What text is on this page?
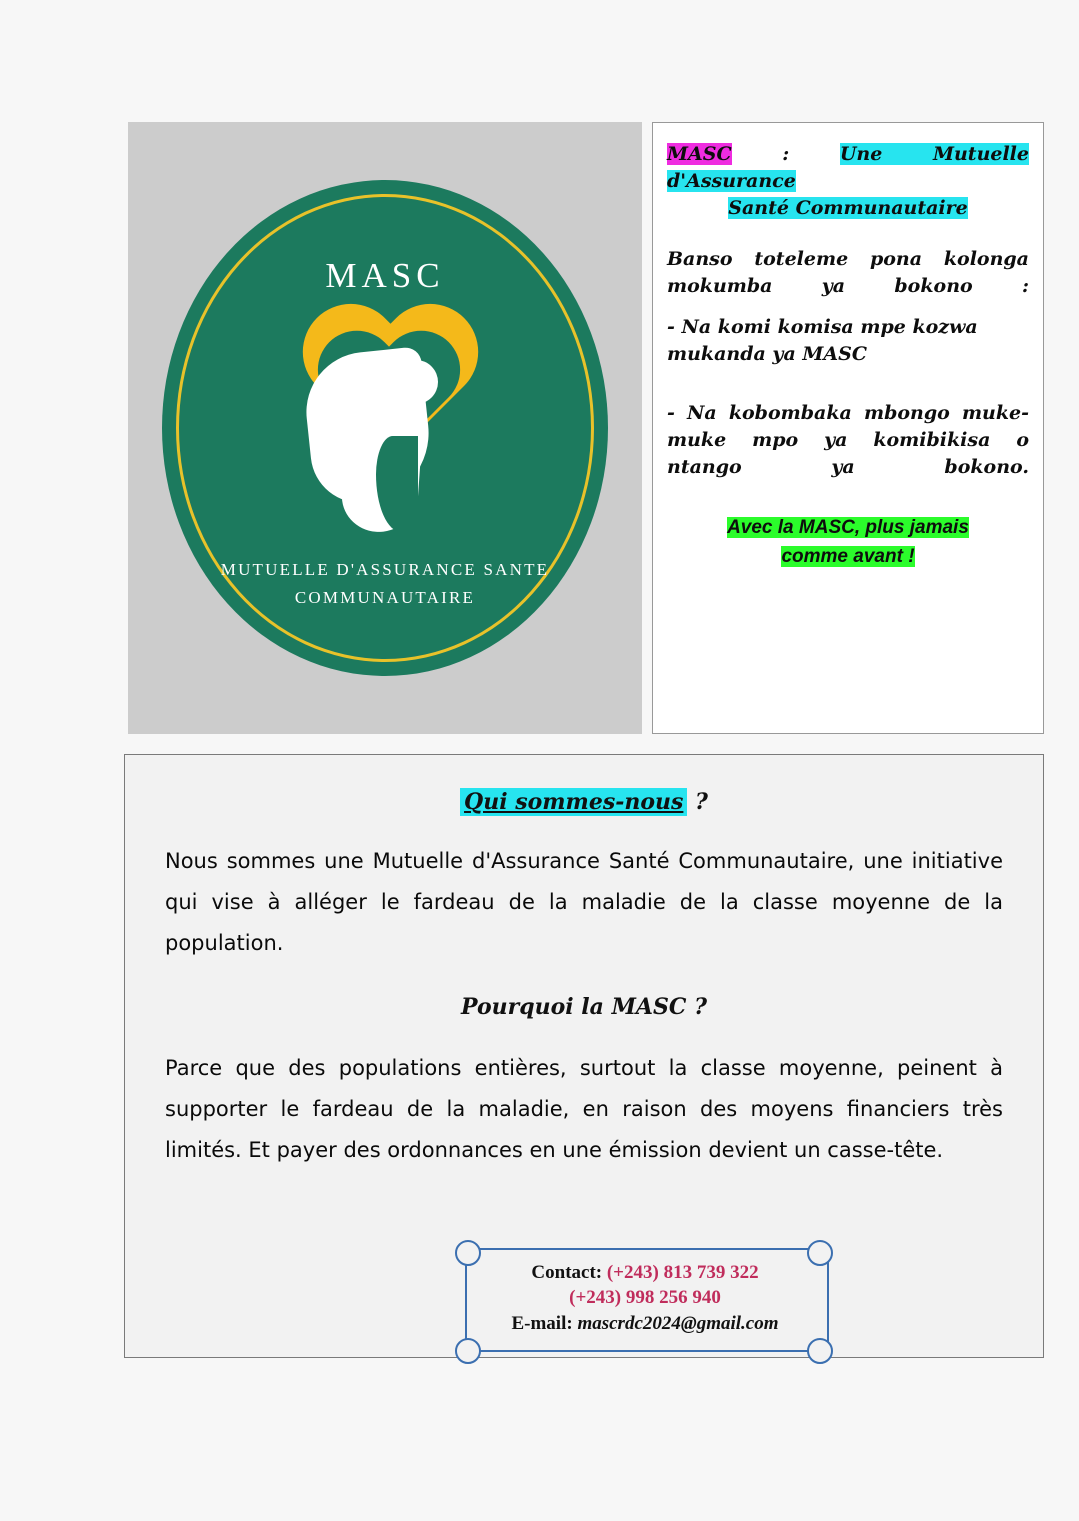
MASC
MUTUELLE D'ASSURANCE SANTE
COMMUNAUTAIRE
MASC : Une Mutuelle d'Assurance
Santé Communautaire
Banso toteleme pona kolonga mokumba ya bokono :
- Na komi komisa mpe kozwa mukanda ya MASC
- Na kobombaka mbongo muke-muke mpo ya komibikisa o ntango ya bokono.
Avec la MASC, plus jamais
comme avant !
Qui sommes-nous ?
Nous sommes une Mutuelle d'Assurance Santé Communautaire, une initiative qui vise à alléger le fardeau de la maladie de la classe moyenne de la population.
Pourquoi la MASC ?
Parce que des populations entières, surtout la classe moyenne, peinent à supporter le fardeau de la maladie, en raison des moyens financiers très limités. Et payer des ordonnances en une émission devient un casse-tête.
Contact: (+243) 813 739 322
(+243) 998 256 940
E-mail: mascrdc2024@gmail.com
